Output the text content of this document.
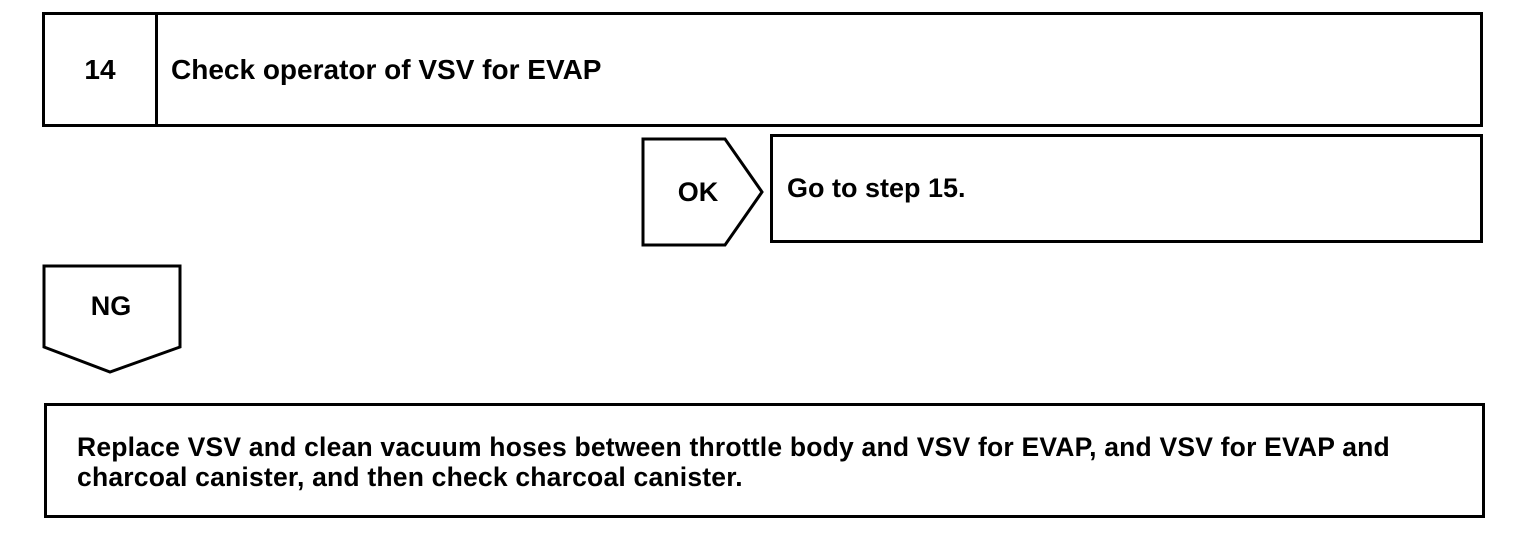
14	Check operator of VSV for EVAP
OK	Go to step 15.
NG
Replace VSV and clean vacuum hoses between throttle body and VSV for EVAP, and VSV for EVAP and charcoal canister, and then check charcoal canister.
